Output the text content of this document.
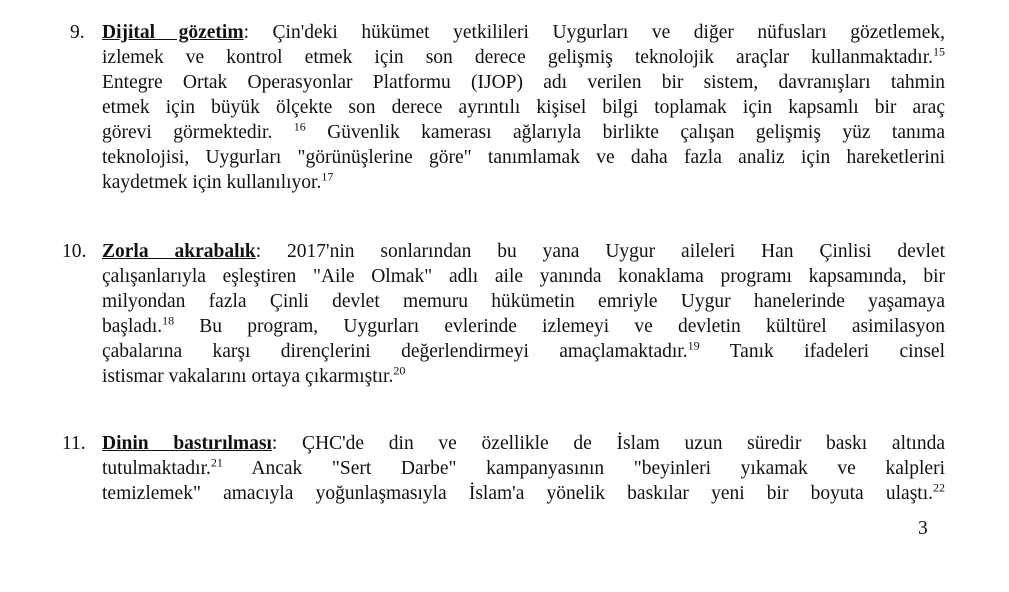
9. Dijital gözetim: Çin'deki hükümet yetkilileri Uygurları ve diğer nüfusları gözetlemek,
izlemek ve kontrol etmek için son derece gelişmiş teknolojik araçlar kullanmaktadır.$^{15}$
Entegre Ortak Operasyonlar Platformu (IJOP) adı verilen bir sistem, davranışları tahmin
etmek için büyük ölçekte son derece ayrıntılı kişisel bilgi toplamak için kapsamlı bir araç
görevi görmektedir. $^{16}$ Güvenlik kamerası ağlarıyla birlikte çalışan gelişmiş yüz tanıma
teknolojisi, Uygurları "görünüşlerine göre" tanımlamak ve daha fazla analiz için hareketlerini
kaydetmek için kullanılıyor.$^{17}$
10. Zorla akrabalık: 2017'nin sonlarından bu yana Uygur aileleri Han Çinlisi devlet
çalışanlarıyla eşleştiren "Aile Olmak" adlı aile yanında konaklama programı kapsamında, bir
milyondan fazla Çinli devlet memuru hükümetin emriyle Uygur hanelerinde yaşamaya
başladı.$^{18}$ Bu program, Uygurları evlerinde izlemeyi ve devletin kültürel asimilasyon
çabalarına karşı dirençlerini değerlendirmeyi amaçlamaktadır.$^{19}$ Tanık ifadeleri cinsel
istismar vakalarını ortaya çıkarmıştır.$^{20}$
11. Dinin bastırılması: ÇHC'de din ve özellikle de İslam uzun süredir baskı altında
tutulmaktadır.$^{21}$ Ancak "Sert Darbe" kampanyasının "beyinleri yıkamak ve kalpleri
temizlemek" amacıyla yoğunlaşmasıyla İslam'a yönelik baskılar yeni bir boyuta ulaştı.$^{22}$
3
